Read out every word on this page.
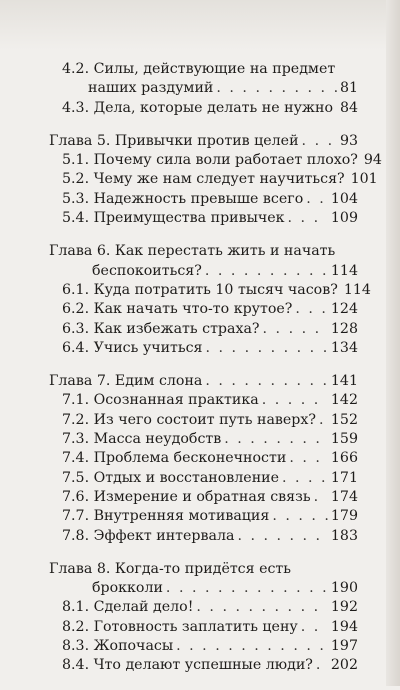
4.2. Силы, действующие на предмет
наших раздумий . . .	81
4.3. Дела, которые делать не нужно . . . 84
Глава 5. Привычки против целей . . .	93
5.1. Почему сила воли работает плохо? 94
5.2. Чему же нам следует научиться? 101
5.3. Надежность превыше всего . . . 104
5.4. Преимущества привычек . . .	109
Глава 6. Как перестать жить и начать
беспокоиться? . . .	114
6.1. Куда потратить 10 тысяч часов? 114
6.2. Как начать что-то крутое? . . .	124
6.3. Как избежать страха? . . .	128
6.4. Учись учиться . . .	134
Глава 7. Едим слона . . .	141
7.1. Осознанная практика . . .	142
7.2. Из чего состоит путь наверх? . . . 152
7.3. Масса неудобств . . .	159
7.4. Проблема бесконечности . . .	166
7.5. Отдых и восстановление . . .	171
7.6. Измерение и обратная связь . . . 174
7.7. Внутренняя мотивация . . .	179
7.8. Эффект интервала . . .	183
Глава 8. Когда-то придётся есть
брокколи . . .	190
8.1. Сделай дело! . . .	192
8.2. Готовность заплатить цену . . . 194
8.3. Жопочасы . . .	197
8.4. Что делают успешные люди? . . . 202
